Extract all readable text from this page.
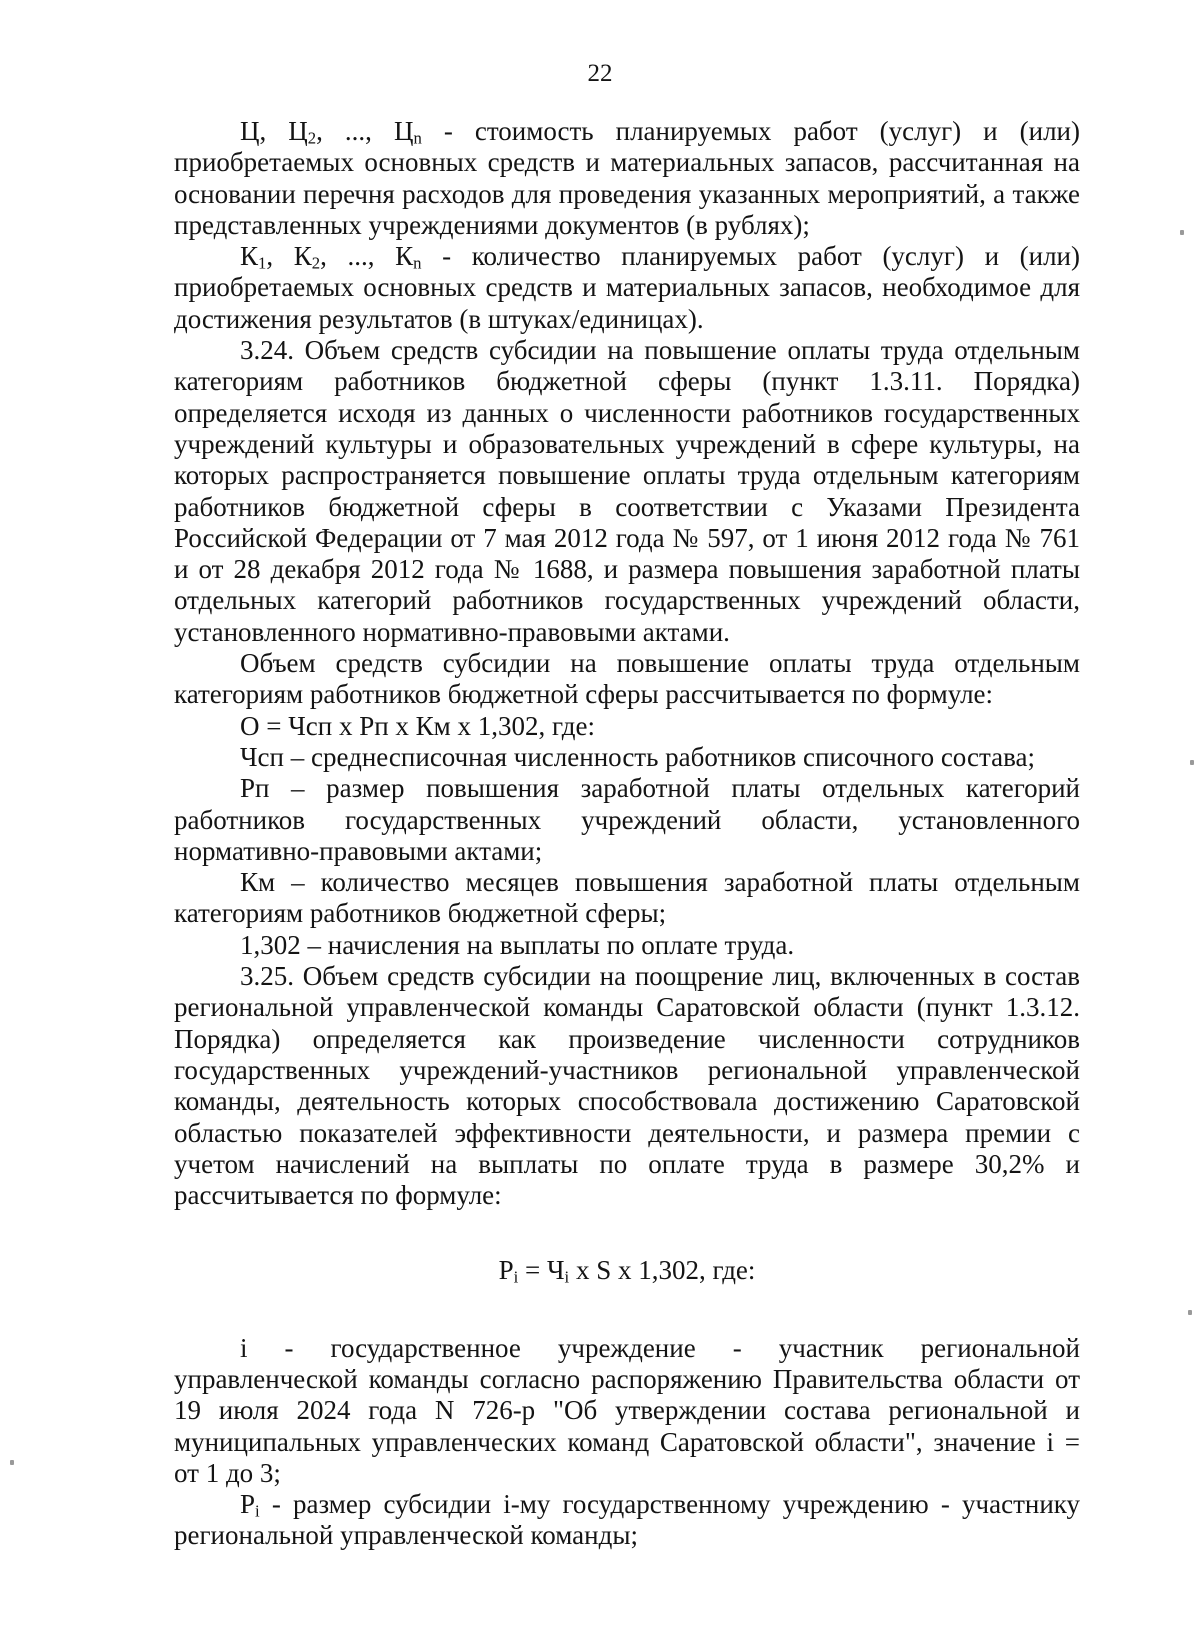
22

Ц, $Ц_2$, ..., $Ц_n$ - стоимость планируемых работ (услуг) и (или) приобретаемых основных средств и материальных запасов, рассчитанная на основании перечня расходов для проведения указанных мероприятий, а также представленных учреждениями документов (в рублях);

$К_1$, $К_2$, ..., $К_n$ - количество планируемых работ (услуг) и (или) приобретаемых основных средств и материальных запасов, необходимое для достижения результатов (в штуках/единицах).

3.24. Объем средств субсидии на повышение оплаты труда отдельным категориям работников бюджетной сферы (пункт 1.3.11. Порядка) определяется исходя из данных о численности работников государственных учреждений культуры и образовательных учреждений в сфере культуры, на которых распространяется повышение оплаты труда отдельным категориям работников бюджетной сферы в соответствии с Указами Президента Российской Федерации от 7 мая 2012 года № 597, от 1 июня 2012 года № 761 и от 28 декабря 2012 года № 1688, и размера повышения заработной платы отдельных категорий работников государственных учреждений области, установленного нормативно-правовыми актами.

Объем средств субсидии на повышение оплаты труда отдельным категориям работников бюджетной сферы рассчитывается по формуле:

О = Чсп х Рп х Км х 1,302, где:

Чсп – среднесписочная численность работников списочного состава;

Рп – размер повышения заработной платы отдельных категорий работников государственных учреждений области, установленного нормативно-правовыми актами;

Км – количество месяцев повышения заработной платы отдельным категориям работников бюджетной сферы;

1,302 – начисления на выплаты по оплате труда.

3.25. Объем средств субсидии на поощрение лиц, включенных в состав региональной управленческой команды Саратовской области (пункт 1.3.12. Порядка) определяется как произведение численности сотрудников государственных учреждений-участников региональной управленческой команды, деятельность которых способствовала достижению Саратовской областью показателей эффективности деятельности, и размера премии с учетом начислений на выплаты по оплате труда в размере 30,2% и рассчитывается по формуле:

$P_i = Ч_i$ x S x 1,302, где:

i - государственное учреждение - участник региональной управленческой команды согласно распоряжению Правительства области от 19 июля 2024 года N 726-р "Об утверждении состава региональной и муниципальных управленческих команд Саратовской области", значение i = от 1 до 3;

$P_i$ - размер субсидии i-му государственному учреждению - участнику региональной управленческой команды;
